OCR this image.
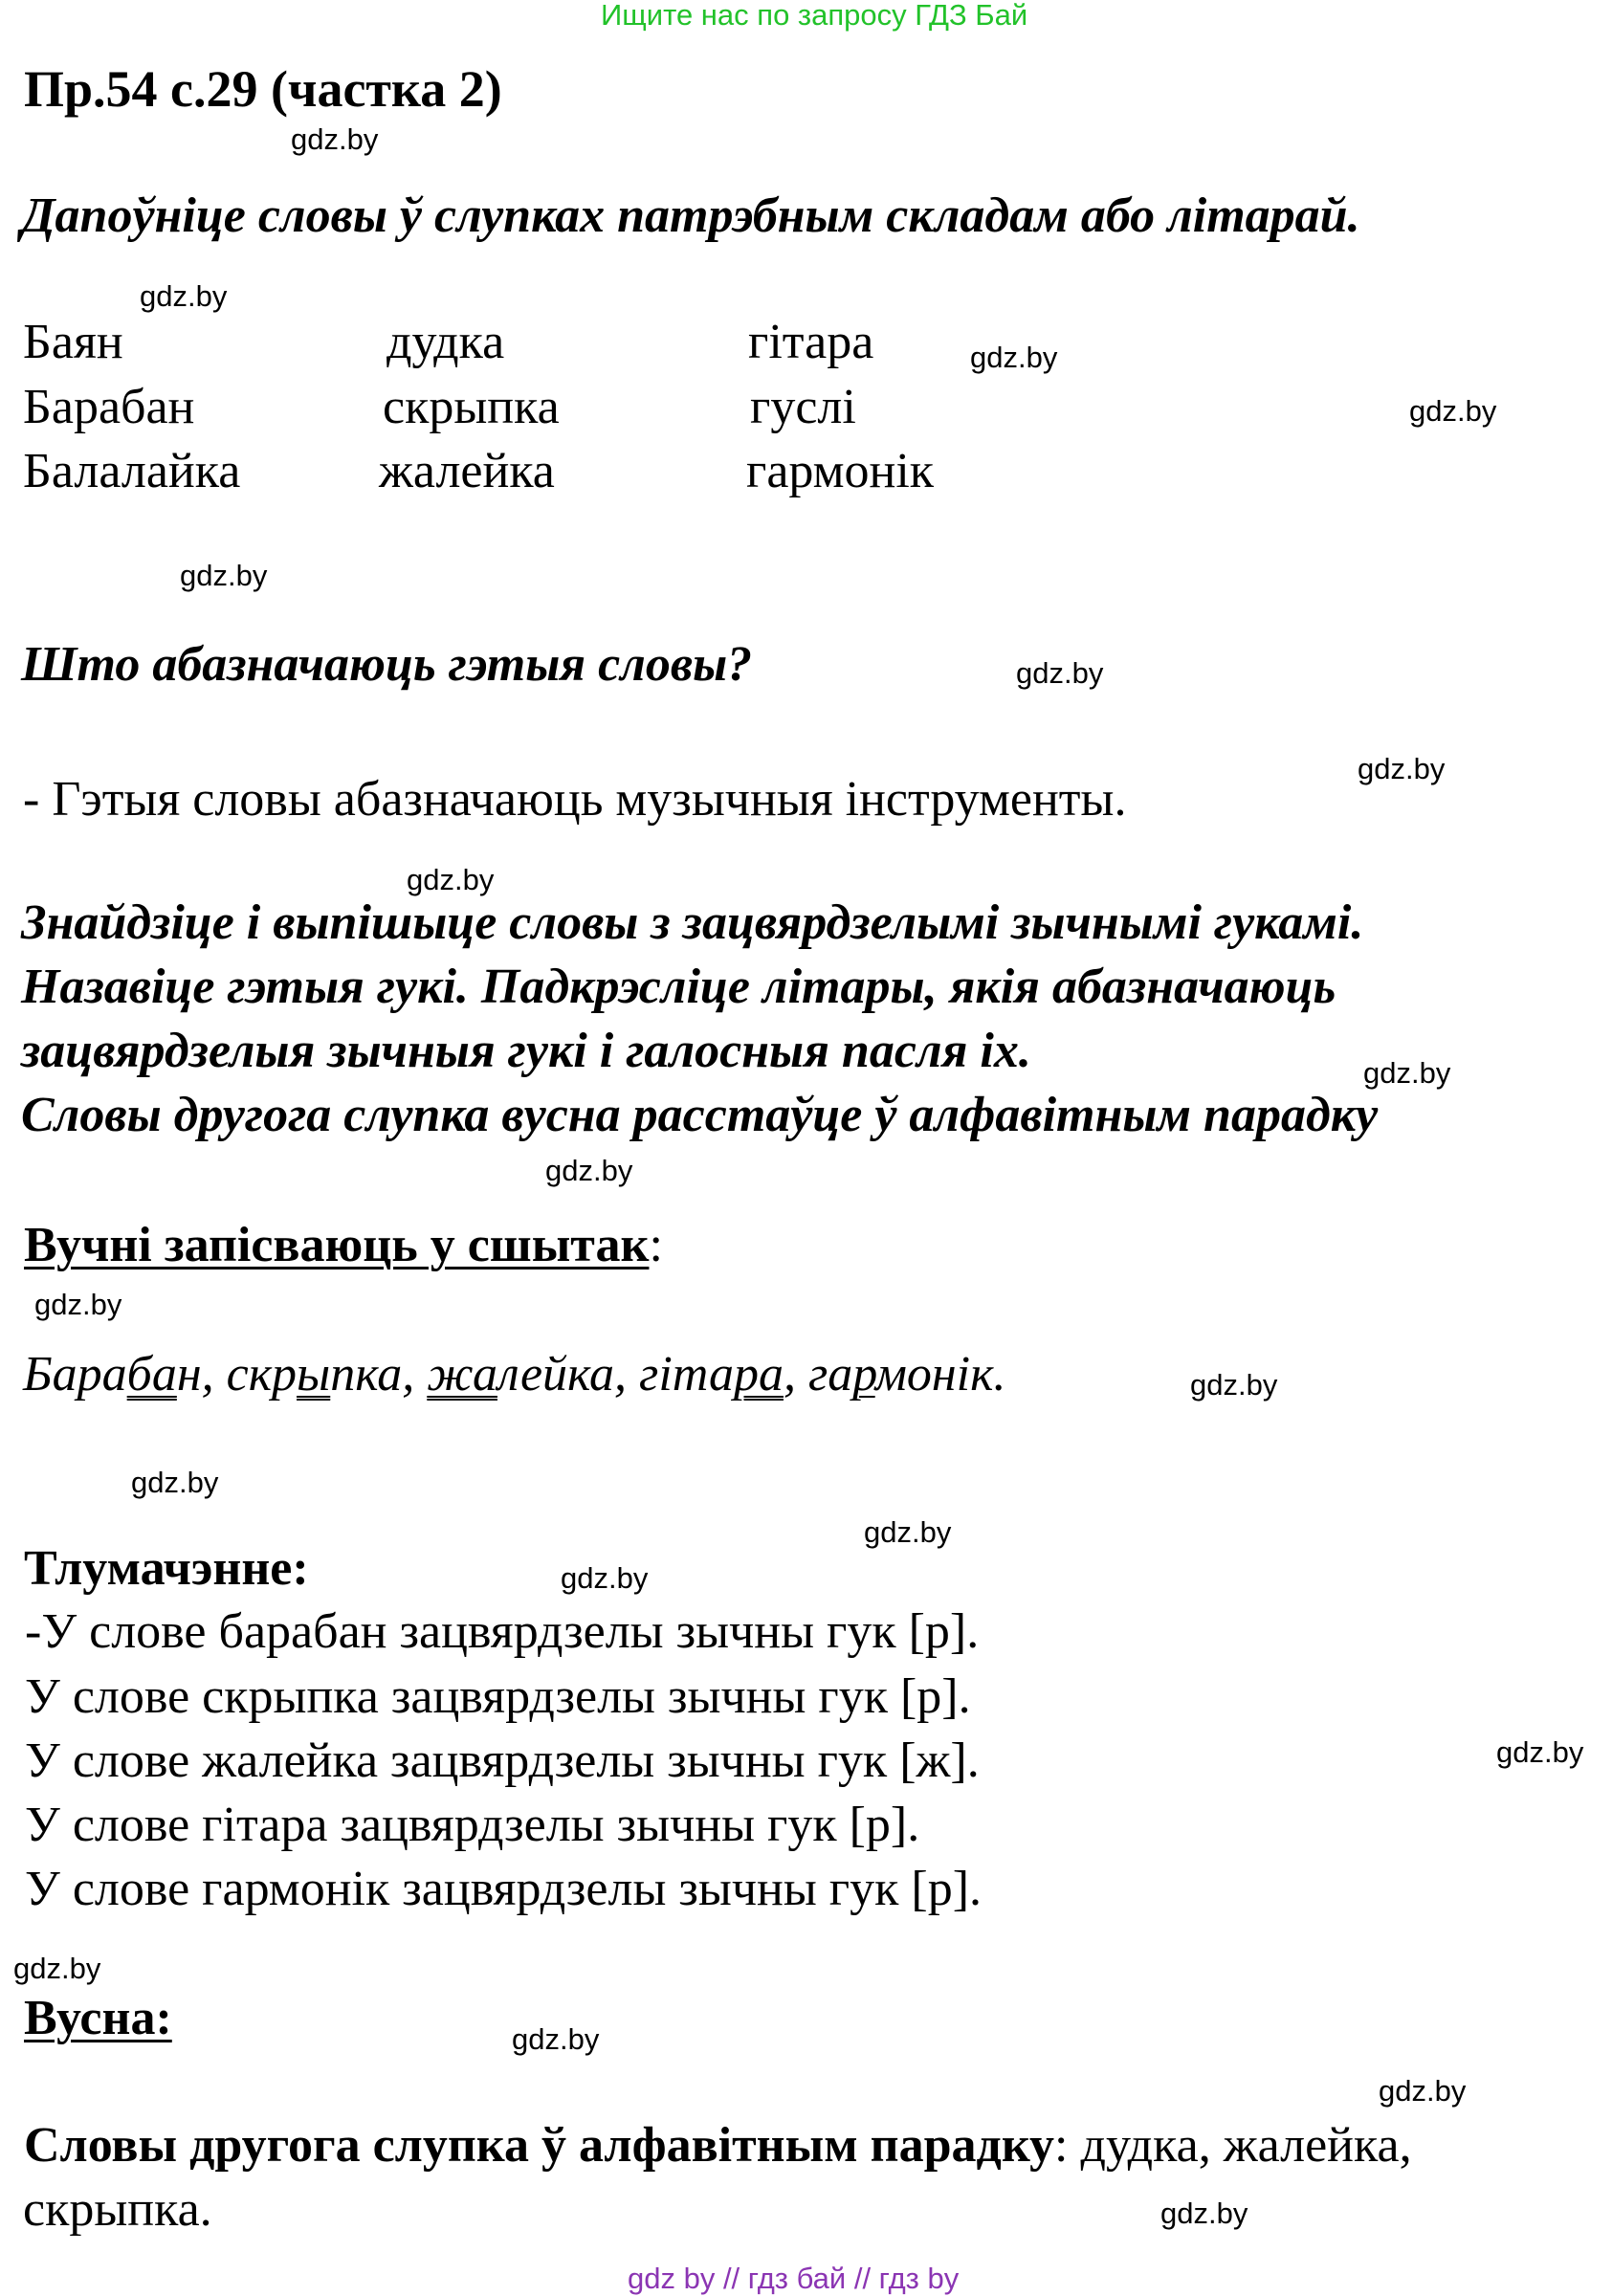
Ищите нас по запросу ГДЗ Бай
Пр.54 с.29 (частка 2)
Дапоўніце словы ў слупках патрэбным складам або літарай.
Баян
Барабан
Балалайка
дудка
скрыпка
жалейка
гітара
гуслі
гармонік
Што абазначаюць гэтыя словы?
- Гэтыя словы абазначаюць музычныя інструменты.
Знайдзіце і выпішыце словы з зацвярдзелымі зычнымі гукамі.
Назавіце гэтыя гукі. Падкрэсліце літары, якія абазначаюць
зацвярдзелыя зычныя гукі і галосныя пасля іх.
Словы другога слупка вусна расстаўце ў алфавітным парадку
Вучні запісваюць у сшытак:
Барабан, скрыпка, жалейка, гітара, гармонік.
Тлумачэнне:
-У слове барабан зацвярдзелы зычны гук [р].
У слове скрыпка зацвярдзелы зычны гук [р].
У слове жалейка зацвярдзелы зычны гук [ж].
У слове гітара зацвярдзелы зычны гук [р].
У слове гармонік зацвярдзелы зычны гук [р].
Вусна:
Словы другога слупка ў алфавітным парадку: дудка, жалейка,
скрыпка.
gdz.by
gdz.by
gdz.by
gdz.by
gdz.by
gdz.by
gdz.by
gdz.by
gdz.by
gdz.by
gdz.by
gdz.by
gdz.by
gdz.by
gdz.by
gdz.by
gdz.by
gdz.by
gdz.by
gdz.by
gdz by // гдз бай // гдз by
